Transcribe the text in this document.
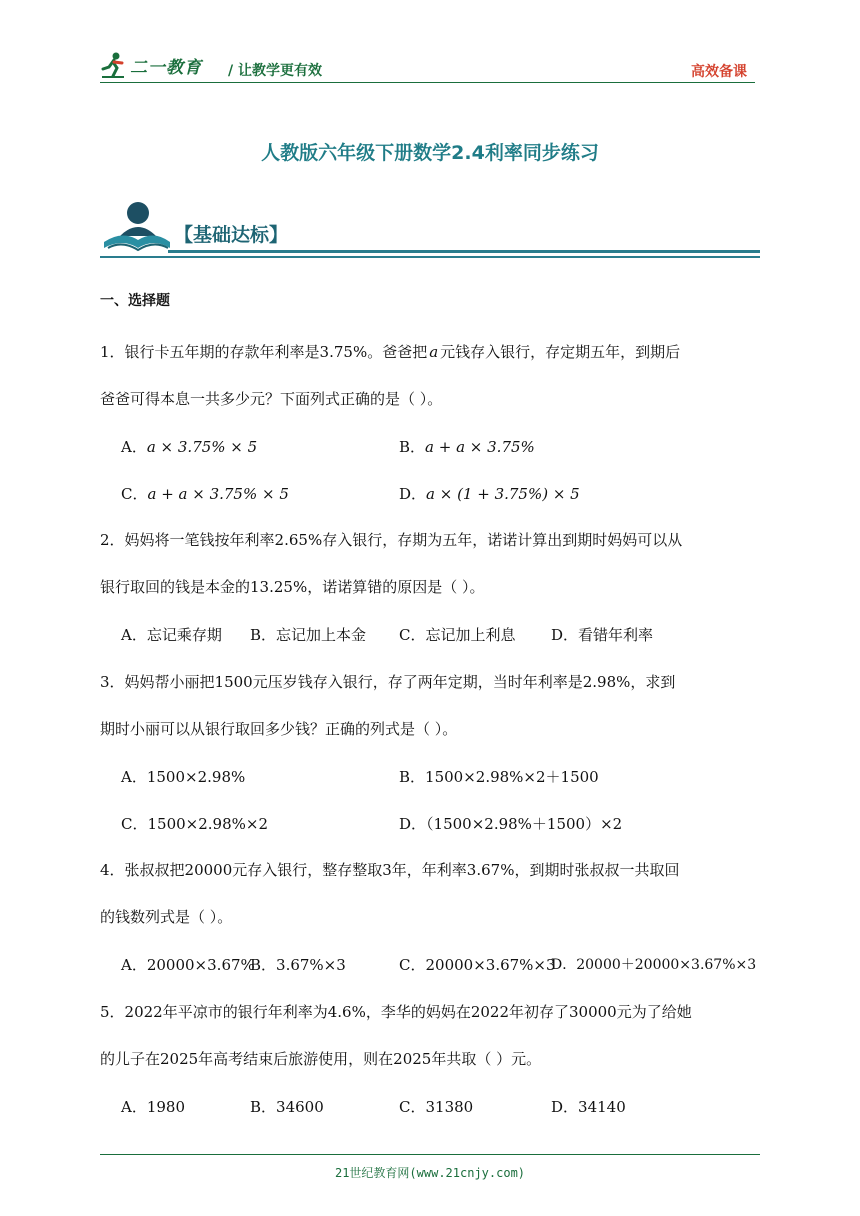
二一教育 / 让教学更有效	高效备课
人教版六年级下册数学2.4利率同步练习
【基础达标】
一、选择题
1．银行卡五年期的存款年利率是3.75%。爸爸把 a 元钱存入银行，存定期五年，到期后
爸爸可得本息一共多少元？下面列式正确的是（ ）。
A．a × 3.75% × 5	B．a + a × 3.75%
C．a + a × 3.75% × 5	D．a × (1 + 3.75%) × 5
2．妈妈将一笔钱按年利率2.65%存入银行，存期为五年，诺诺计算出到期时妈妈可以从
银行取回的钱是本金的13.25%，诺诺算错的原因是（ ）。
A．忘记乘存期 B．忘记加上本金 C．忘记加上利息 D．看错年利率
3．妈妈帮小丽把1500元压岁钱存入银行，存了两年定期，当时年利率是2.98%，求到
期时小丽可以从银行取回多少钱？正确的列式是（ ）。
A．1500×2.98%	B．1500×2.98%×2＋1500
C．1500×2.98%×2	D．（1500×2.98%＋1500）×2
4．张叔叔把20000元存入银行，整存整取3年，年利率3.67%，到期时张叔叔一共取回
的钱数列式是（ ）。
A．20000×3.67%
B．3.67%×3	C．20000×3.67%×3
D．20000＋20000×3.67%×3
5．2022年平凉市的银行年利率为4.6%，李华的妈妈在2022年初存了30000元为了给她
的儿子在2025年高考结束后旅游使用，则在2025年共取（ ）元。
A．1980	B．34600	C．31380	D．34140
21世纪教育网(www.21cnjy.com)
